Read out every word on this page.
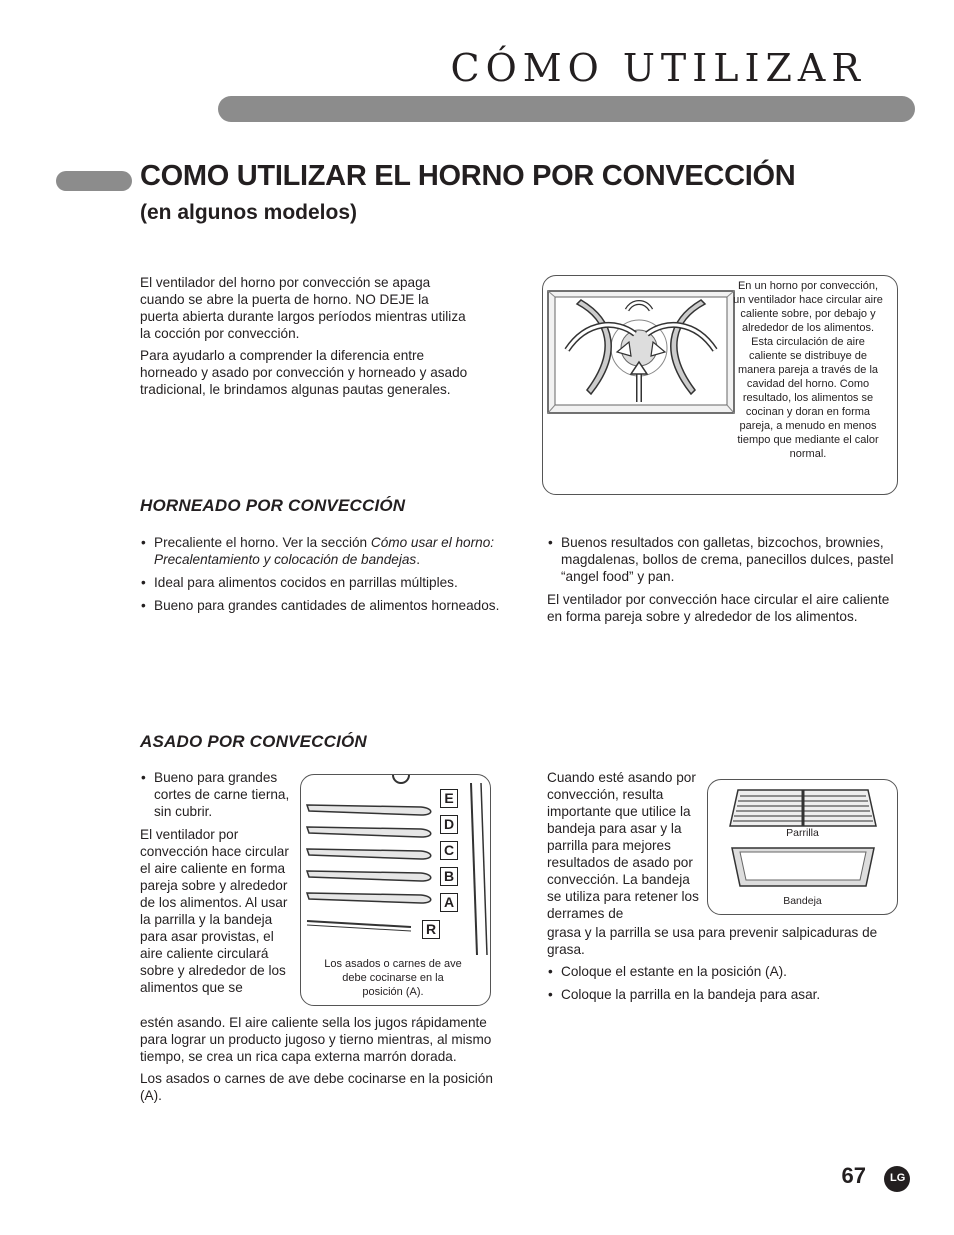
CÓMO UTILIZAR
COMO UTILIZAR EL HORNO POR CONVECCIÓN
(en algunos modelos)

El ventilador del horno por convección se apaga cuando se abre la puerta de horno. NO DEJE la puerta abierta durante largos períodos mientras utiliza la cocción por convección.

Para ayudarlo a comprender la diferencia entre horneado y asado por convección y horneado y asado tradicional, le brindamos algunas pautas generales.

En un horno por convección, un ventilador hace circular aire caliente sobre, por debajo y alrededor de los alimentos. Esta circulación de aire caliente se distribuye de manera pareja a través de la cavidad del horno. Como resultado, los alimentos se cocinan y doran en forma pareja, a menudo en menos tiempo que mediante el calor normal.
HORNEADO POR CONVECCIÓN
• Precaliente el horno. Ver la sección Cómo usar el horno: Precalentamiento y colocación de bandejas.
• Ideal para alimentos cocidos en parrillas múltiples.
• Bueno para grandes cantidades de alimentos horneados.
• Buenos resultados con galletas, bizcochos, brownies, magdalenas, bollos de crema, panecillos dulces, pastel “angel food” y pan.

El ventilador por convección hace circular el aire caliente en forma pareja sobre y alrededor de los alimentos.

ASADO POR CONVECCIÓN
• Bueno para grandes cortes de carne tierna, sin cubrir.

El ventilador por convección hace circular el aire caliente en forma pareja sobre y alrededor de los alimentos. Al usar la parrilla y la bandeja para asar provistas, el aire caliente circulará sobre y alrededor de los alimentos que se

estén asando. El aire caliente sella los jugos rápidamente para lograr un producto jugoso y tierno mientras, al mismo tiempo, se crea un rica capa externa marrón dorada.

Los asados o carnes de ave debe cocinarse en la posición (A).

E
D
C
B
A
R
Los asados o carnes de ave debe cocinarse en la posición (A).

Cuando esté asando por convección, resulta importante que utilice la bandeja para asar y la parrilla para mejores resultados de asado por convección. La bandeja se utiliza para retener los derrames de

grasa y la parrilla se usa para prevenir salpicaduras de grasa.

• Coloque el estante en la posición (A).
• Coloque la parrilla en la bandeja para asar.
Parrilla
Bandeja
67 LG
